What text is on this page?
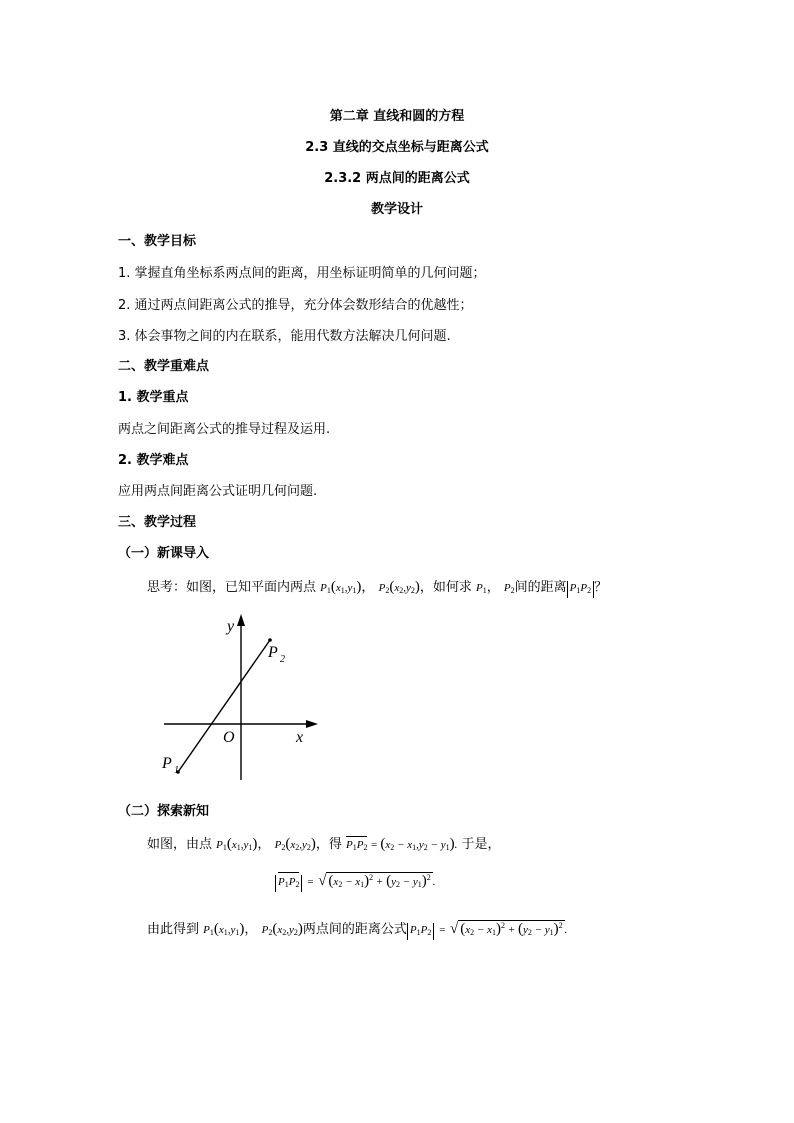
第二章 直线和圆的方程
2.3 直线的交点坐标与距离公式
2.3.2 两点间的距离公式
教学设计
一、教学目标
1. 掌握直角坐标系两点间的距离，用坐标证明简单的几何问题；
2. 通过两点间距离公式的推导，充分体会数形结合的优越性；
3. 体会事物之间的内在联系，能用代数方法解决几何问题.
二、教学重难点
1. 教学重点
两点之间距离公式的推导过程及运用.
2. 教学难点
应用两点间距离公式证明几何问题.
三、教学过程
（一）新课导入
思考：如图，已知平面内两点 $P_1(x_1,y_1)$， $P_2(x_2,y_2)$，如何求 $P_1$， $P_2$间的距离 $P_1P_2$ ？
y
x
O
P 1
P 2
（二）探索新知
如图，由点 $P_1(x_1,y_1)$， $P_2(x_2,y_2)$，得 $P_1P_2 = (x_2 - x_1,y_2 - y_1)$. 于是，
$P_1P_2$ = √ $(x_2 - x_1)^2 + (y_2 - y_1)^2$ .
由此得到 $P_1(x_1,y_1)$， $P_2(x_2,y_2)$两点间的距离公式 $P_1P_2$ = √ $(x_2 - x_1)^2 + (y_2 - y_1)^2$ .
